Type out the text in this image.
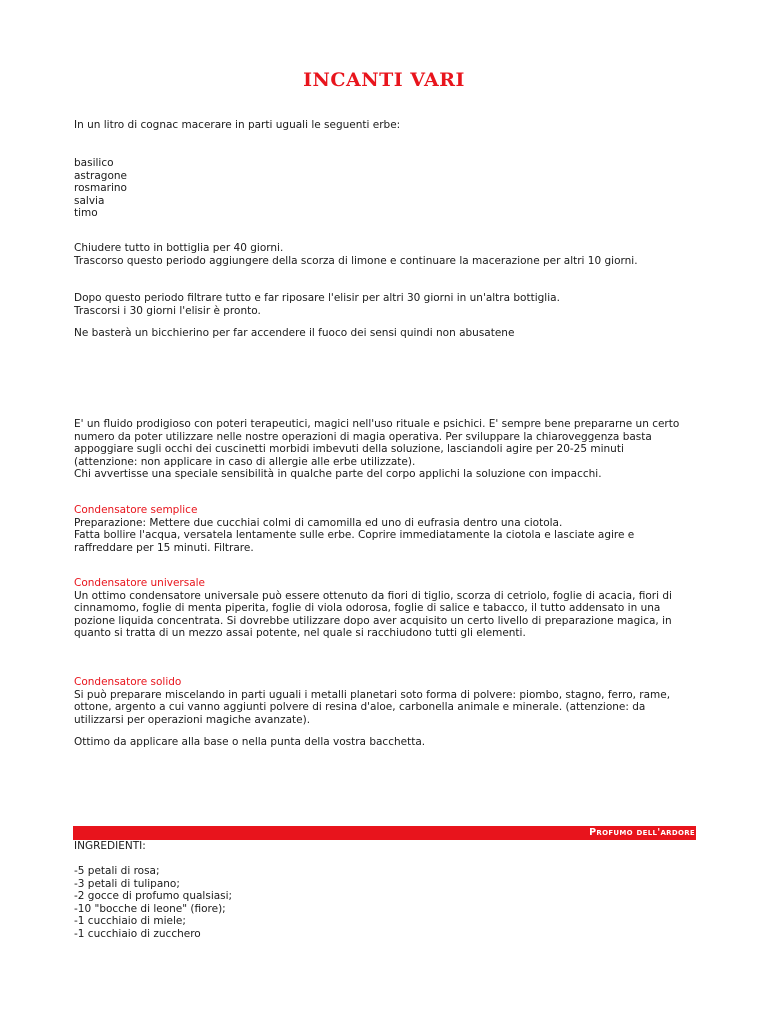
INCANTI VARI
In un litro di cognac macerare in parti uguali le seguenti erbe:
basilico
astragone
rosmarino
salvia
timo
Chiudere tutto in bottiglia per 40 giorni.
Trascorso questo periodo aggiungere della scorza di limone e continuare la macerazione per altri 10 giorni.
Dopo questo periodo filtrare tutto e far riposare l'elisir per altri 30 giorni in un'altra bottiglia.
Trascorsi i 30 giorni l'elisir è pronto.
Ne basterà un bicchierino per far accendere il fuoco dei sensi quindi non abusatene
E' un fluido prodigioso con poteri terapeutici, magici nell'uso rituale e psichici. E' sempre bene prepararne un certo
numero da poter utilizzare nelle nostre operazioni di magia operativa. Per sviluppare la chiaroveggenza basta
appoggiare sugli occhi dei cuscinetti morbidi imbevuti della soluzione, lasciandoli agire per 20-25 minuti
(attenzione: non applicare in caso di allergie alle erbe utilizzate).
Chi avvertisse una speciale sensibilità in qualche parte del corpo applichi la soluzione con impacchi.
Condensatore semplice
Preparazione: Mettere due cucchiai colmi di camomilla ed uno di eufrasia dentro una ciotola.
Fatta bollire l'acqua, versatela lentamente sulle erbe. Coprire immediatamente la ciotola e lasciate agire e
raffreddare per 15 minuti. Filtrare.
Condensatore universale
Un ottimo condensatore universale può essere ottenuto da fiori di tiglio, scorza di cetriolo, foglie di acacia, fiori di
cinnamomo, foglie di menta piperita, foglie di viola odorosa, foglie di salice e tabacco, il tutto addensato in una
pozione liquida concentrata. Si dovrebbe utilizzare dopo aver acquisito un certo livello di preparazione magica, in
quanto si tratta di un mezzo assai potente, nel quale si racchiudono tutti gli elementi.
Condensatore solido
Si può preparare miscelando in parti uguali i metalli planetari soto forma di polvere: piombo, stagno, ferro, rame,
ottone, argento a cui vanno aggiunti polvere di resina d'aloe, carbonella animale e minerale. (attenzione: da
utilizzarsi per operazioni magiche avanzate).
Ottimo da applicare alla base o nella punta della vostra bacchetta.
Profumo dell'ardore
INGREDIENTI:
-5 petali di rosa;
-3 petali di tulipano;
-2 gocce di profumo qualsiasi;
-10 "bocche di leone" (fiore);
-1 cucchiaio di miele;
-1 cucchiaio di zucchero
